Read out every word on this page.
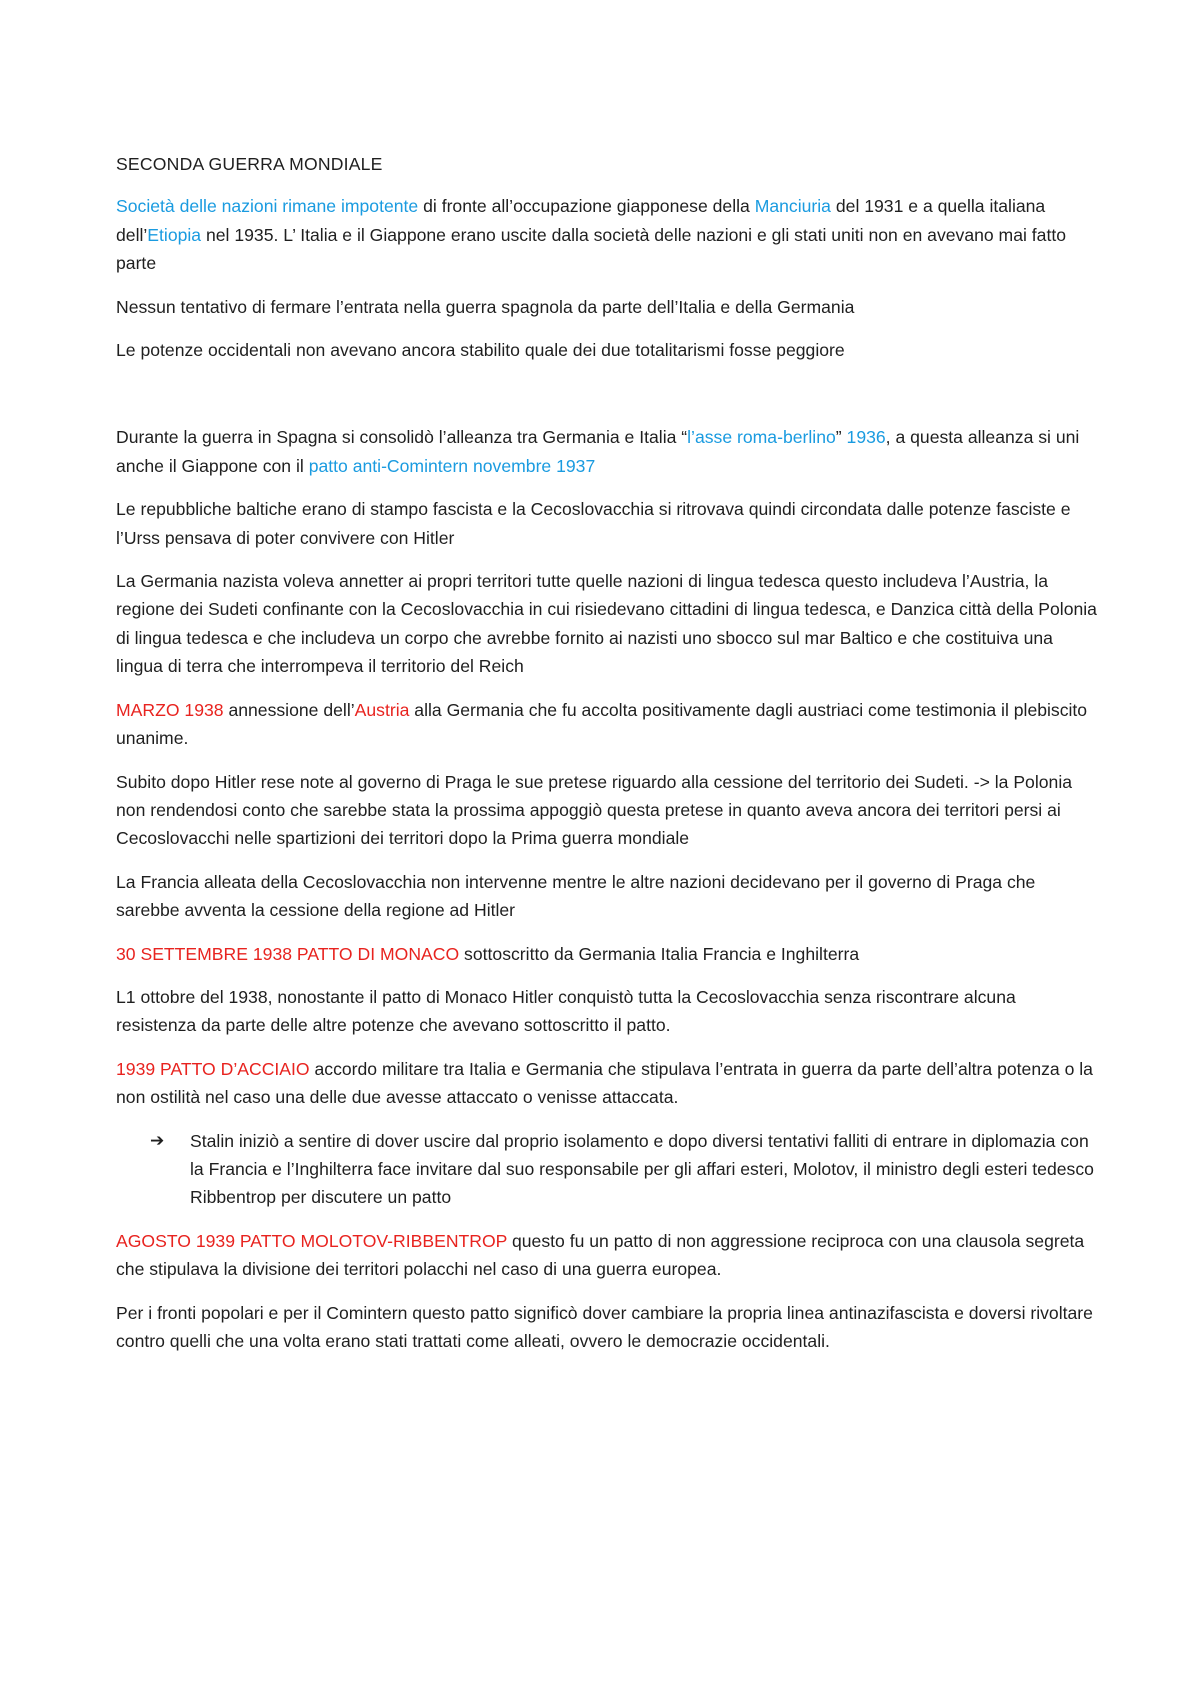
SECONDA GUERRA MONDIALE

Società delle nazioni rimane impotente di fronte all’occupazione giapponese della Manciuria del 1931 e a quella italiana dell’Etiopia nel 1935. L’ Italia e il Giappone erano uscite dalla società delle nazioni e gli stati uniti non en avevano mai fatto parte

Nessun tentativo di fermare l’entrata nella guerra spagnola da parte dell’Italia e della Germania

Le potenze occidentali non avevano ancora stabilito quale dei due totalitarismi fosse peggiore

Durante la guerra in Spagna si consolidò l’alleanza tra Germania e Italia “l’asse roma-berlino” 1936, a questa alleanza si uni anche il Giappone con il patto anti-Comintern novembre 1937

Le repubbliche baltiche erano di stampo fascista e la Cecoslovacchia si ritrovava quindi circondata dalle potenze fasciste e l’Urss pensava di poter convivere con Hitler

La Germania nazista voleva annetter ai propri territori tutte quelle nazioni di lingua tedesca questo includeva l’Austria, la regione dei Sudeti confinante con la Cecoslovacchia in cui risiedevano cittadini di lingua tedesca, e Danzica città della Polonia di lingua tedesca e che includeva un corpo che avrebbe fornito ai nazisti uno sbocco sul mar Baltico e che costituiva una lingua di terra che interrompeva il territorio del Reich

MARZO 1938 annessione dell’Austria alla Germania che fu accolta positivamente dagli austriaci come testimonia il plebiscito unanime.

Subito dopo Hitler rese note al governo di Praga le sue pretese riguardo alla cessione del territorio dei Sudeti. -> la Polonia non rendendosi conto che sarebbe stata la prossima appoggiò questa pretese in quanto aveva ancora dei territori persi ai Cecoslovacchi nelle spartizioni dei territori dopo la Prima guerra mondiale

La Francia alleata della Cecoslovacchia non intervenne mentre le altre nazioni decidevano per il governo di Praga che sarebbe avventa la cessione della regione ad Hitler

30 SETTEMBRE 1938 PATTO DI MONACO sottoscritto da Germania Italia Francia e Inghilterra

L1 ottobre del 1938, nonostante il patto di Monaco Hitler conquistò tutta la Cecoslovacchia senza riscontrare alcuna resistenza da parte delle altre potenze che avevano sottoscritto il patto.

1939 PATTO D’ACCIAIO accordo militare tra Italia e Germania che stipulava l’entrata in guerra da parte dell’altra potenza o la non ostilità nel caso una delle due avesse attaccato o venisse attaccata.

➔ Stalin iniziò a sentire di dover uscire dal proprio isolamento e dopo diversi tentativi falliti di entrare in diplomazia con la Francia e l’Inghilterra face invitare dal suo responsabile per gli affari esteri, Molotov, il ministro degli esteri tedesco Ribbentrop per discutere un patto

AGOSTO 1939 PATTO MOLOTOV-RIBBENTROP questo fu un patto di non aggressione reciproca con una clausola segreta che stipulava la divisione dei territori polacchi nel caso di una guerra europea.

Per i fronti popolari e per il Comintern questo patto significò dover cambiare la propria linea antinazifascista e doversi rivoltare contro quelli che una volta erano stati trattati come alleati, ovvero le democrazie occidentali.
